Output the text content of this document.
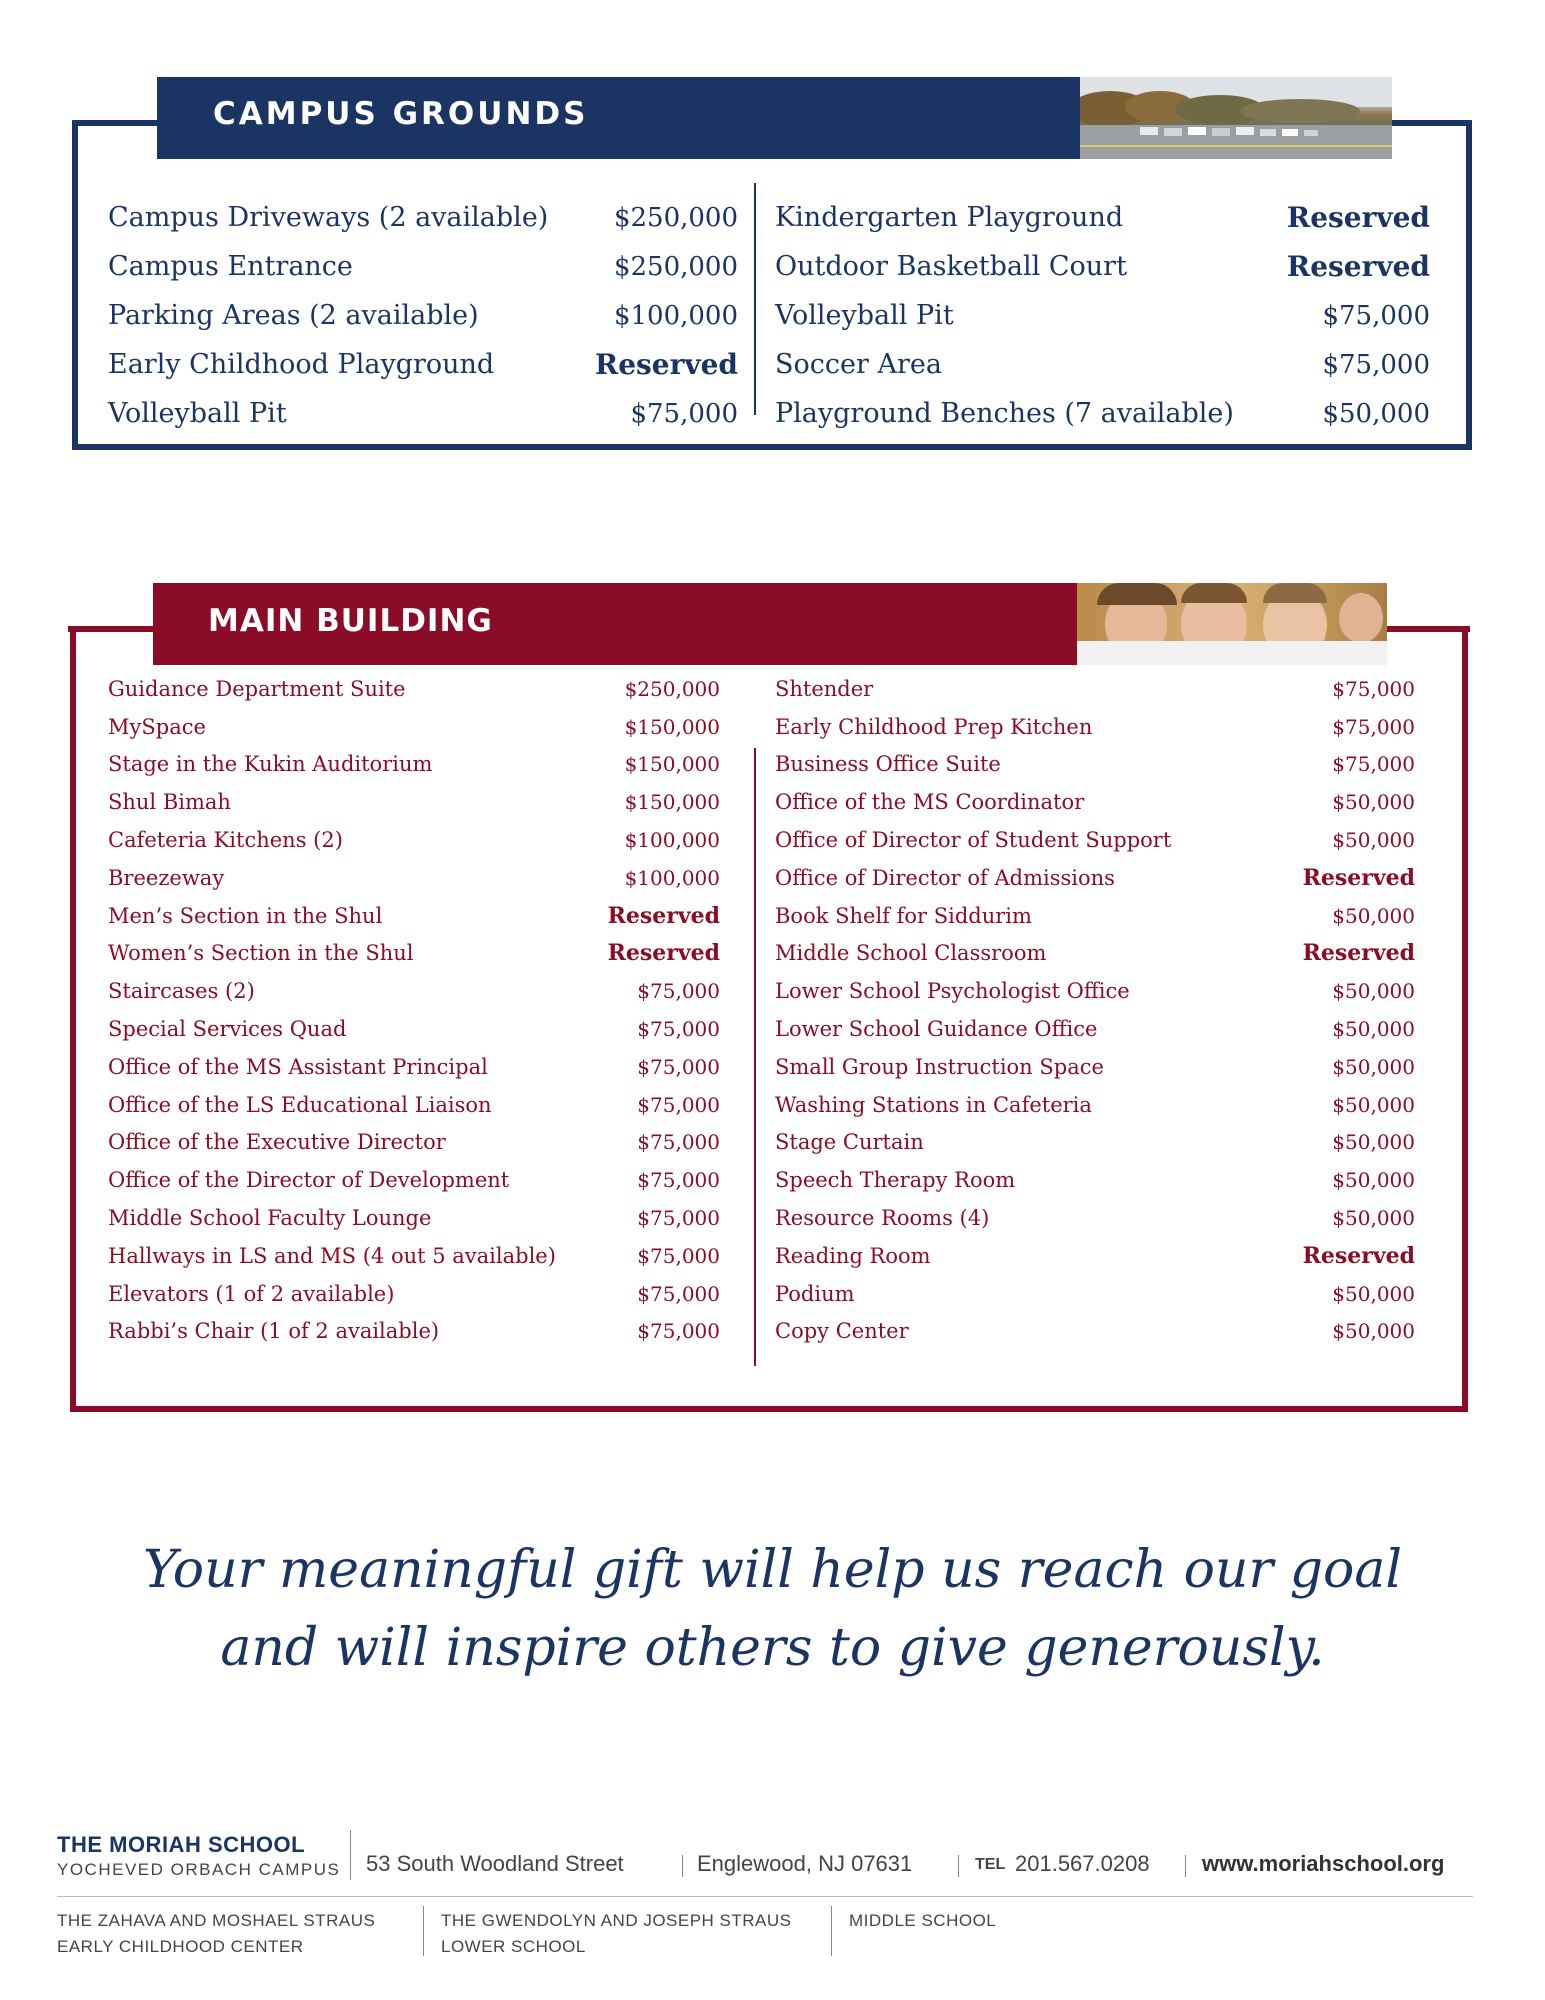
CAMPUS GROUNDS
Campus Driveways (2 available)	$250,000
Campus Entrance	$250,000
Parking Areas (2 available)	$100,000
Early Childhood Playground	Reserved
Volleyball Pit	$75,000
Kindergarten Playground	Reserved
Outdoor Basketball Court	Reserved
Volleyball Pit	$75,000
Soccer Area	$75,000
Playground Benches (7 available)	$50,000
MAIN BUILDING
Guidance Department Suite	$250,000
MySpace	$150,000
Stage in the Kukin Auditorium	$150,000
Shul Bimah	$150,000
Cafeteria Kitchens (2)	$100,000
Breezeway	$100,000
Men’s Section in the Shul	Reserved
Women’s Section in the Shul	Reserved
Staircases (2)	$75,000
Special Services Quad	$75,000
Office of the MS Assistant Principal	$75,000
Office of the LS Educational Liaison	$75,000
Office of the Executive Director	$75,000
Office of the Director of Development	$75,000
Middle School Faculty Lounge	$75,000
Hallways in LS and MS (4 out 5 available)	$75,000
Elevators (1 of 2 available)	$75,000
Rabbi’s Chair (1 of 2 available)	$75,000
Shtender	$75,000
Early Childhood Prep Kitchen	$75,000
Business Office Suite	$75,000
Office of the MS Coordinator	$50,000
Office of Director of Student Support	$50,000
Office of Director of Admissions	Reserved
Book Shelf for Siddurim	$50,000
Middle School Classroom	Reserved
Lower School Psychologist Office	$50,000
Lower School Guidance Office	$50,000
Small Group Instruction Space	$50,000
Washing Stations in Cafeteria	$50,000
Stage Curtain	$50,000
Speech Therapy Room	$50,000
Resource Rooms (4)	$50,000
Reading Room	Reserved
Podium	$50,000
Copy Center	$50,000
Your meaningful gift will help us reach our goal
and will inspire others to give generously.
THE MORIAH SCHOOL
YOCHEVED ORBACH CAMPUS 53 South Woodland Street	Englewood, NJ 07631	TEL 201.567.0208 www.moriahschool.org
THE ZAHAVA AND MOSHAEL STRAUS
EARLY CHILDHOOD CENTER
THE GWENDOLYN AND JOSEPH STRAUS
LOWER SCHOOL
MIDDLE SCHOOL
